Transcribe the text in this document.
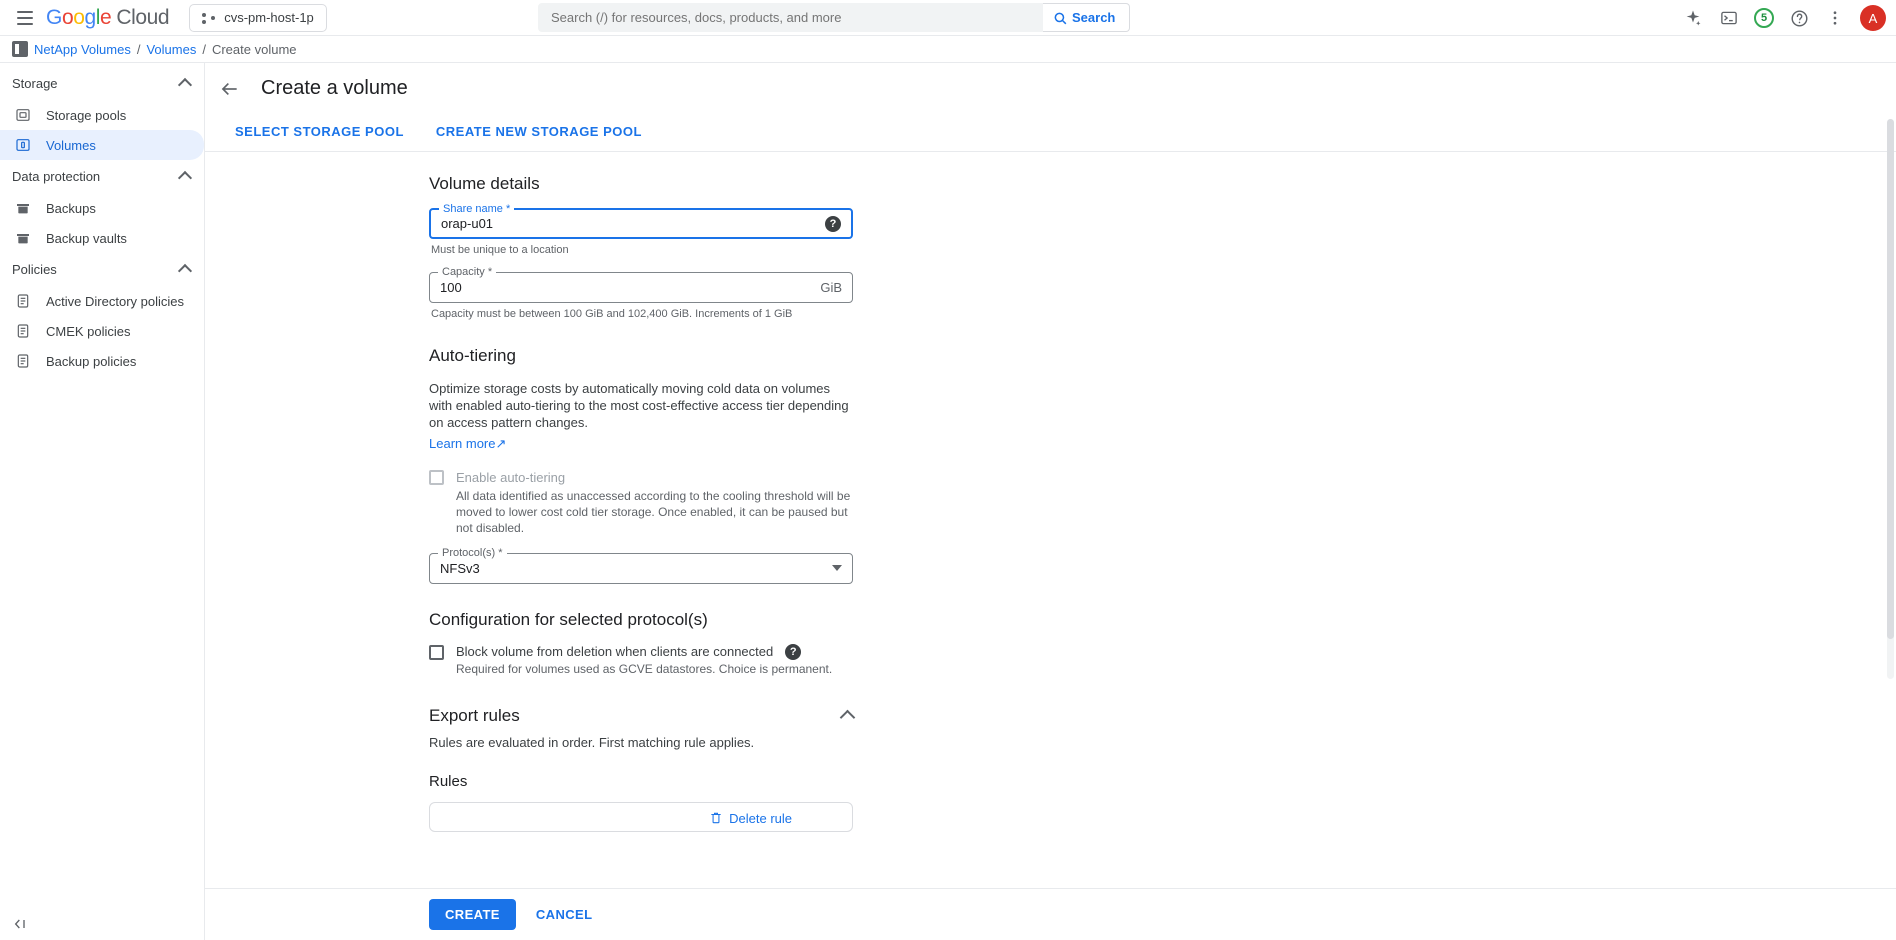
Google Cloud	cvs-pm-host-1p
Search (/) for resources, docs, products, and more	Search	5	A
NetApp Volumes / Volumes / Create volume
Storage
Storage pools
Volumes
Data protection
Backups
Backup vaults
Policies
Active Directory policies
CMEK policies
Backup policies
Create a volume
SELECT STORAGE POOL	CREATE NEW STORAGE POOL
Volume details
Share name *
orap-u01
?
Must be unique to a location
Capacity *
100
GiB
Capacity must be between 100 GiB and 102,400 GiB. Increments of 1 GiB
Auto-tiering
Optimize storage costs by automatically moving cold data on volumes with enabled auto-tiering to the most cost-effective access tier depending on access pattern changes.
Learn more↗
Enable auto-tiering
All data identified as unaccessed according to the cooling threshold will be moved to lower cost cold tier storage. Once enabled, it can be paused but not disabled.
Protocol(s) *
NFSv3
Configuration for selected protocol(s)
Block volume from deletion when clients are connected	?
Required for volumes used as GCVE datastores. Choice is permanent.
Export rules
Rules are evaluated in order. First matching rule applies.
Rules
Delete rule
CREATE	CANCEL
